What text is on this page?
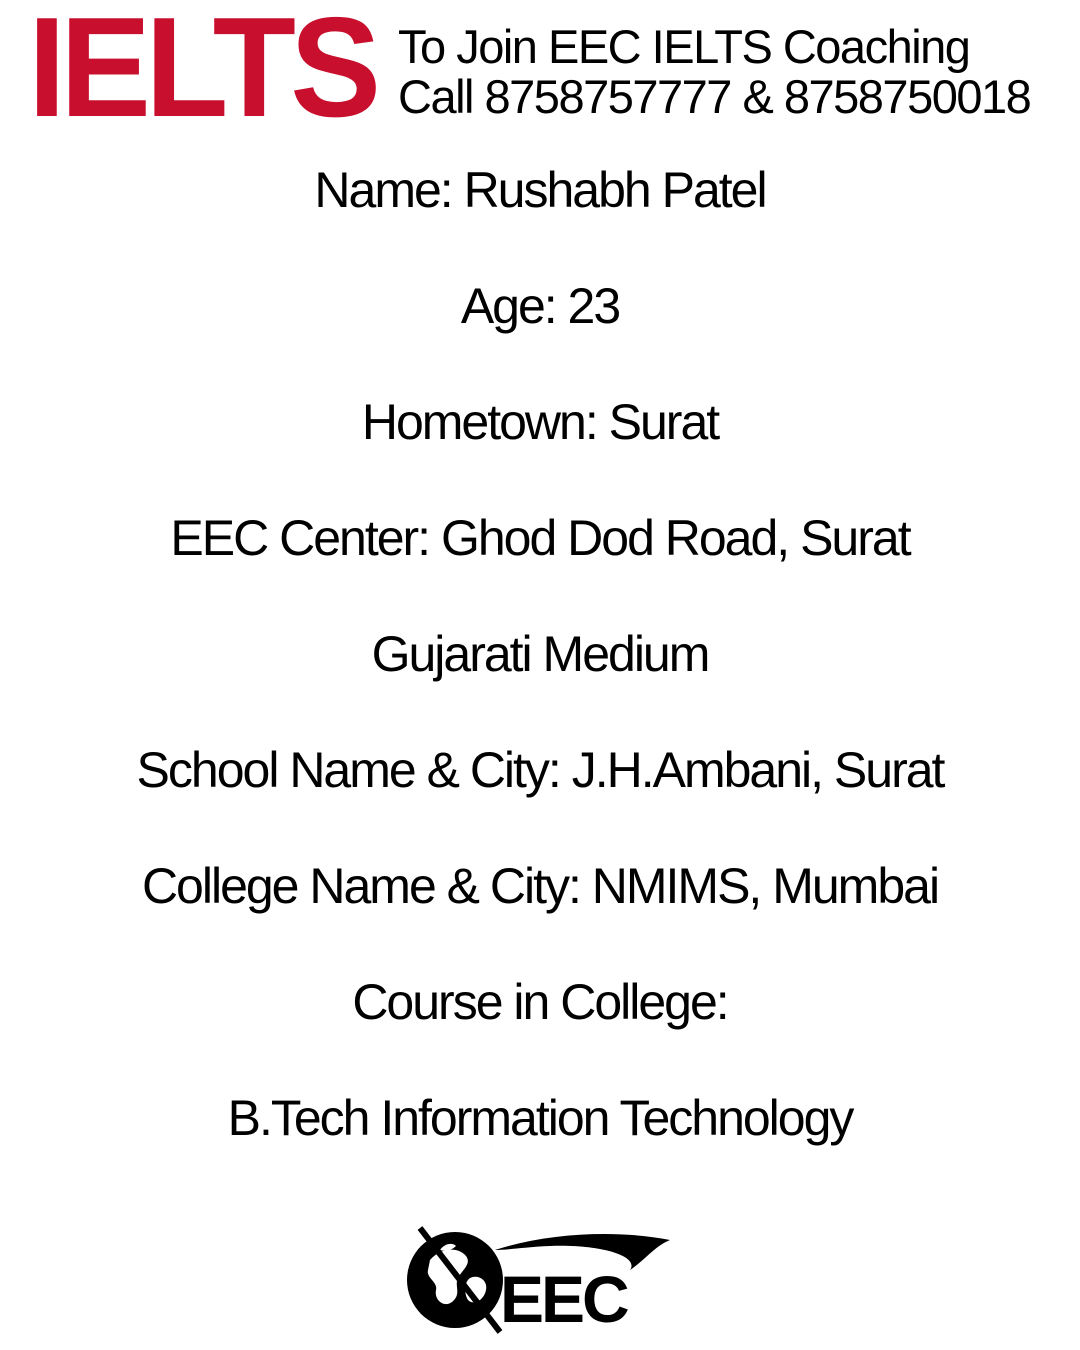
IELTS To Join EEC IELTS Coaching
Call 8758757777 & 8758750018
Name: Rushabh Patel
Age: 23
Hometown: Surat
EEC Center: Ghod Dod Road, Surat
Gujarati Medium
School Name & City: J.H.Ambani, Surat
College Name & City: NMIMS, Mumbai
Course in College:
B.Tech Information Technology
EEC
